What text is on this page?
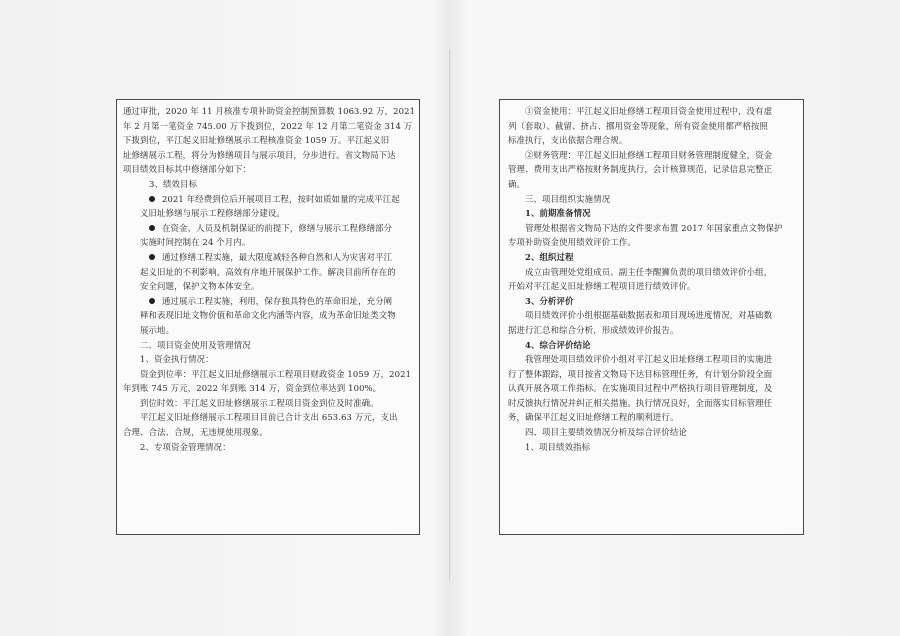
通过审批，2020 年 11 月核准专项补助资金控制预算数 1063.92 万，2021
年 2 月第一笔资金 745.00 万下拨到位，2022 年 12 月第二笔资金 314 万
下拨到位，平江起义旧址修缮展示工程核准资金 1059 万。平江起义旧
址修缮展示工程，将分为修缮项目与展示项目，分步进行。省文物局下达
项目绩效目标其中修缮部分如下：
3、绩效目标
2021 年经费到位后开展项目工程，按时如质如量的完成平江起
义旧址修缮与展示工程修缮部分建设。
在资金、人员及机制保证的前提下，修缮与展示工程修缮部分
实施时间控制在 24 个月内。
通过修缮工程实施，最大限度减轻各种自然和人为灾害对平江
起义旧址的不利影响，高效有序地开展保护工作。解决目前所存在的
安全问题，保护文物本体安全。
通过展示工程实施，利用，保存独具特色的革命旧址，充分阐
释和表现旧址文物价值和革命文化内涵等内容，成为革命旧址类文物
展示地。
二、项目资金使用及管理情况
1、资金执行情况：
资金到位率：平江起义旧址修缮展示工程项目财政资金 1059 万，2021
年到账 745 万元，2022 年到账 314 万，资金到位率达到 100%。
到位时效：平江起义旧址修缮展示工程项目资金到位及时准确。
平江起义旧址修缮展示工程项目目前已合计支出 653.63 万元，支出
合理、合法、合规，无违规使用现象。
2、专项资金管理情况：
①资金使用：平江起义旧址修缮工程项目资金使用过程中，没有虚
列（套取）、截留、挤占、挪用资金等现象，所有资金使用都严格按照
标准执行，支出依据合理合规。
②财务管理：平江起义旧址修缮工程项目财务管理制度健全，资金
管理、费用支出严格按财务制度执行，会计核算规范，记录信息完整正
确。
三、项目组织实施情况
1、前期准备情况
管理处根据省文物局下达的文件要求布置 2017 年国家重点文物保护
专项补助资金使用绩效评价工作。
2、组织过程
成立由管理处党组成员、副主任李醒狮负责的项目绩效评价小组，
开始对平江起义旧址修缮工程项目进行绩效评价。
3、分析评价
项目绩效评价小组根据基础数据表和项目现场进度情况，对基础数
据进行汇总和综合分析，形成绩效评价报告。
4、综合评价结论
我管理处项目绩效评价小组对平江起义旧址修缮工程项目的实施进
行了整体跟踪，项目按省文物局下达目标管理任务，有计划分阶段全面
认真开展各项工作指标。在实施项目过程中严格执行项目管理制度，及
时反馈执行情况并纠正相关措施。执行情况良好，全面落实目标管理任
务，确保平江起义旧址修缮工程的顺利进行。
四、项目主要绩效情况分析及综合评价结论
1、项目绩效指标
